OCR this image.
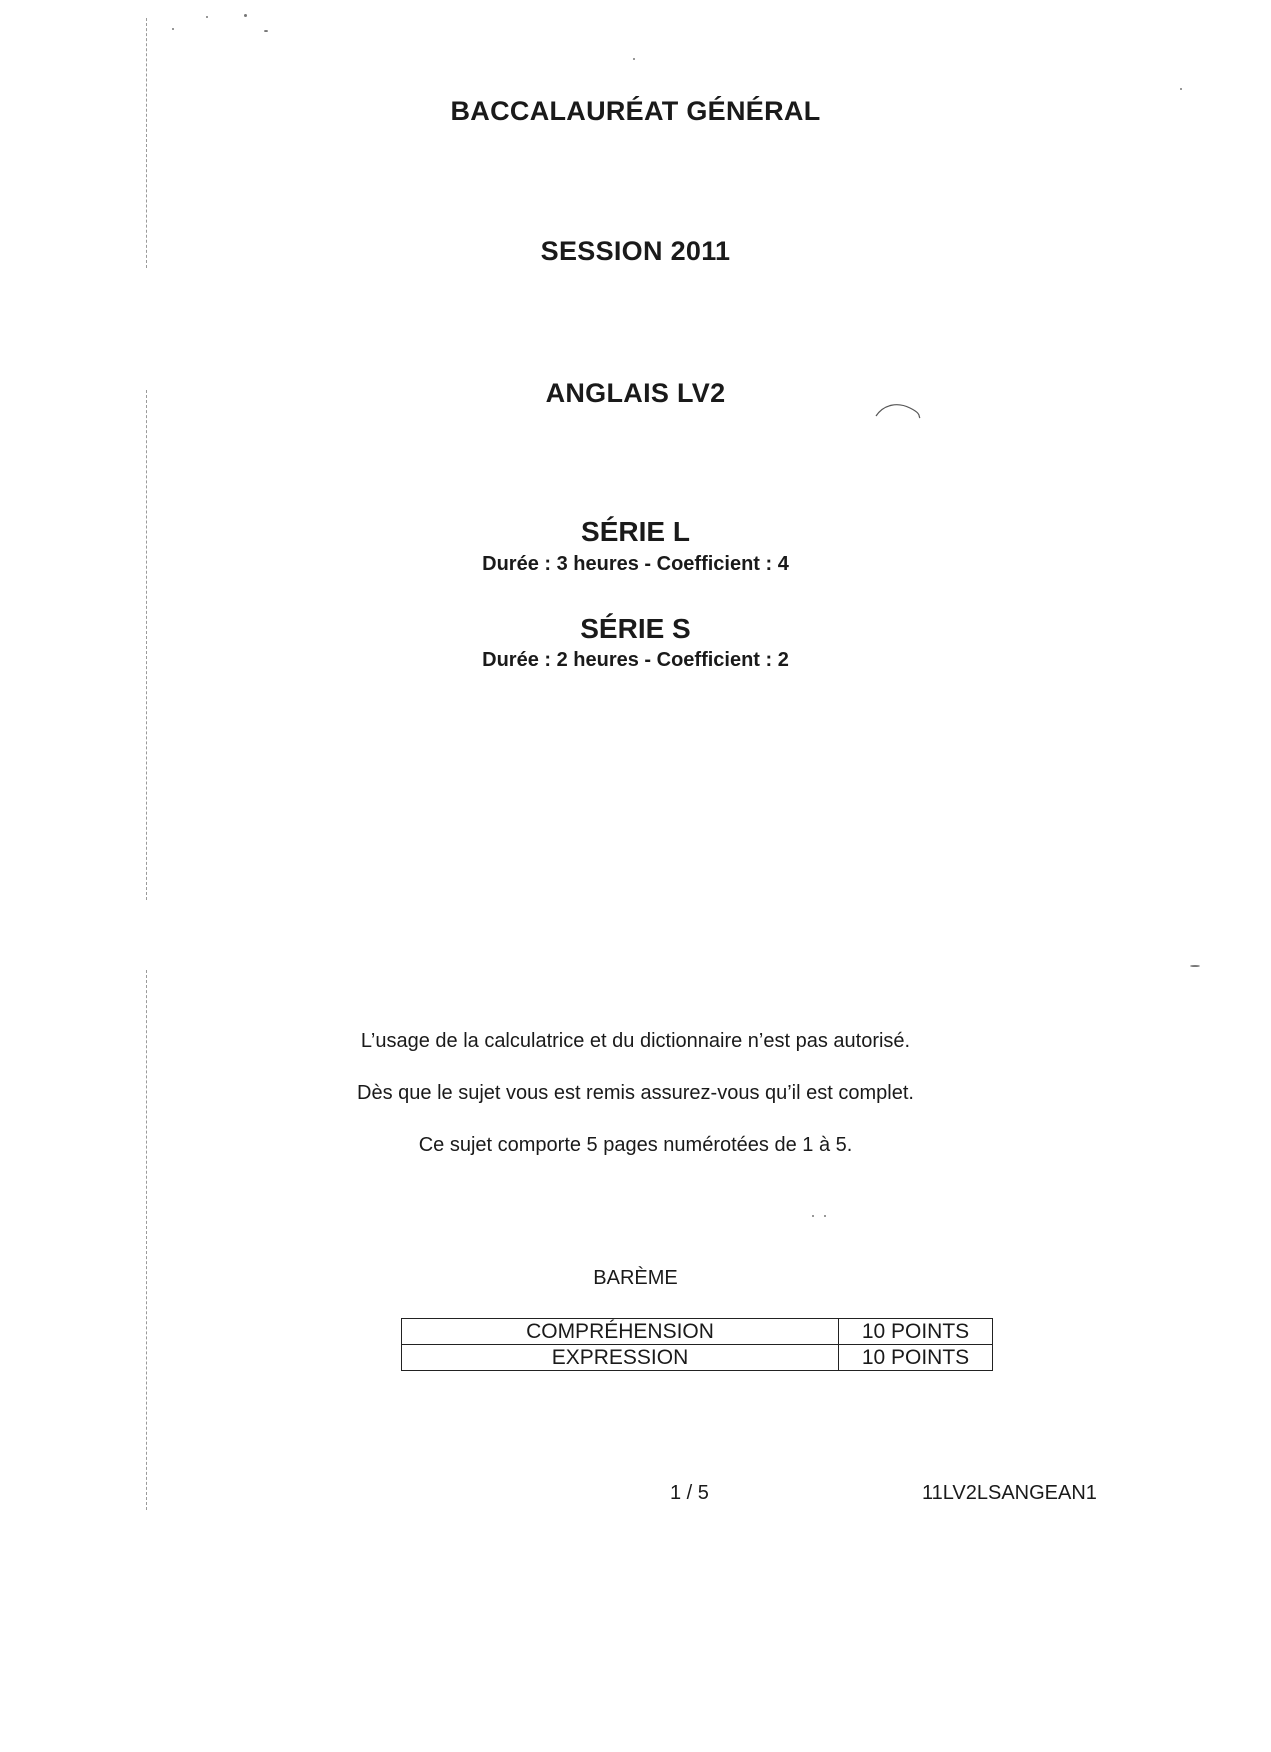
BACCALAURÉAT GÉNÉRAL
SESSION 2011
ANGLAIS LV2
SÉRIE L
Durée : 3 heures - Coefficient : 4
SÉRIE S
Durée : 2 heures - Coefficient : 2
L’usage de la calculatrice et du dictionnaire n’est pas autorisé.
Dès que le sujet vous est remis assurez-vous qu’il est complet.
Ce sujet comporte 5 pages numérotées de 1 à 5.
BARÈME
COMPRÉHENSION	10 POINTS
EXPRESSION	10 POINTS
1 / 5	11LV2LSANGEAN1
